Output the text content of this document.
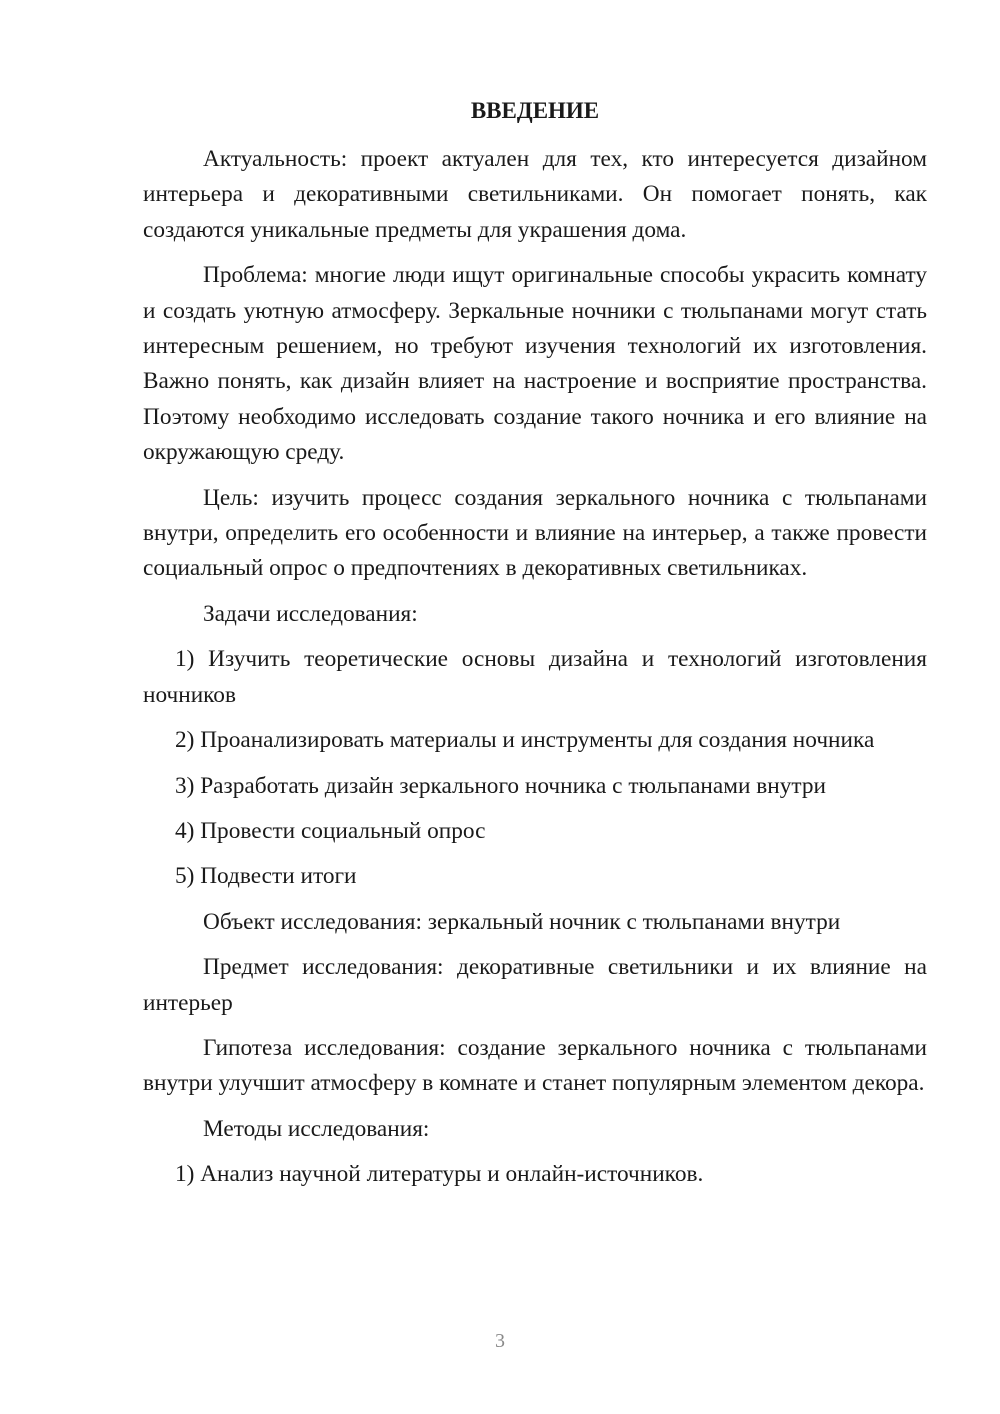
ВВЕДЕНИЕ

Актуальность: проект актуален для тех, кто интересуется дизайном интерьера и декоративными светильниками. Он помогает понять, как создаются уникальные предметы для украшения дома.

Проблема: многие люди ищут оригинальные способы украсить комнату и создать уютную атмосферу. Зеркальные ночники с тюльпанами могут стать интересным решением, но требуют изучения технологий их изготовления. Важно понять, как дизайн влияет на настроение и восприятие пространства. Поэтому необходимо исследовать создание такого ночника и его влияние на окружающую среду.

Цель: изучить процесс создания зеркального ночника с тюльпанами внутри, определить его особенности и влияние на интерьер, а также провести социальный опрос о предпочтениях в декоративных светильниках.

Задачи исследования:

1) Изучить теоретические основы дизайна и технологий изготовления ночников

2) Проанализировать материалы и инструменты для создания ночника

3) Разработать дизайн зеркального ночника с тюльпанами внутри

4) Провести социальный опрос

5) Подвести итоги

Объект исследования: зеркальный ночник с тюльпанами внутри

Предмет исследования: декоративные светильники и их влияние на интерьер

Гипотеза исследования: создание зеркального ночника с тюльпанами внутри улучшит атмосферу в комнате и станет популярным элементом декора.

Методы исследования:

1) Анализ научной литературы и онлайн-источников.

3
